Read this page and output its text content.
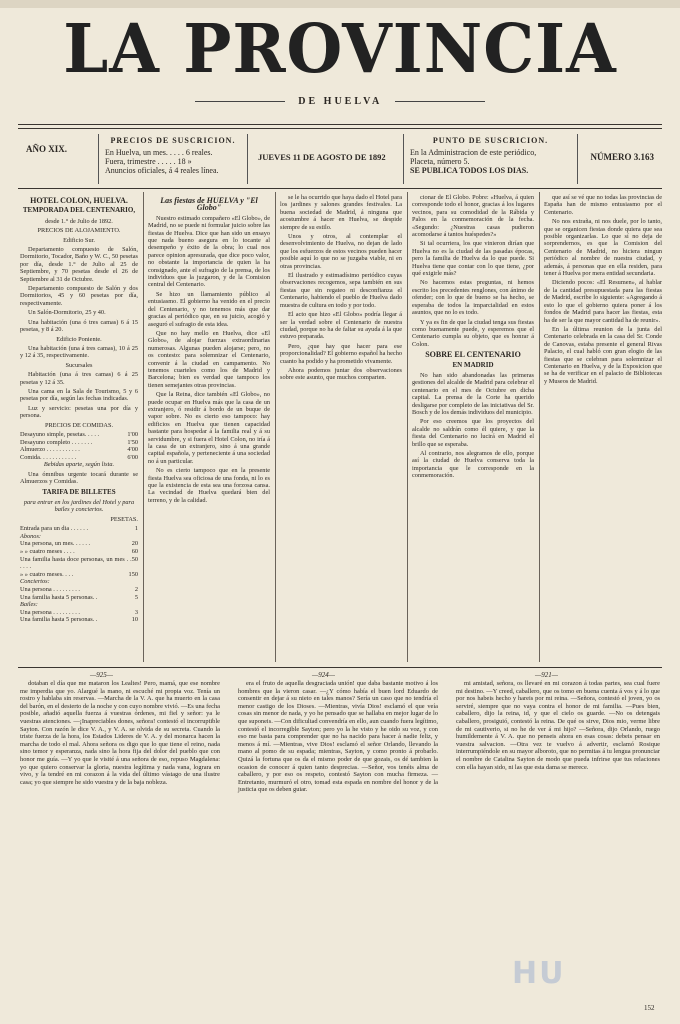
LA PROVINCIA
DE HUELVA
AÑO XIX.
PRECIOS DE SUSCRICION.
En Huelva, un mes. . . . . 6 reales.
Fuera, trimestre . . . . . 18 »
Anuncios oficiales, á 4 reales línea.
JUEVES 11 DE AGOSTO DE 1892
PUNTO DE SUSCRICION.
En la Administracion de este periódico,
Placeta, número 5.
SE PUBLICA TODOS LOS DIAS.
NÚMERO 3.163
HOTEL COLON, HUELVA.
TEMPORADA DEL CENTENARIO,

desde 1.° de Julio de 1892.

PRECIOS DE ALOJAMIENTO.

Edificio Sur.

Departamento compuesto de Salón, Dormitorio, Tocador, Baño y W. C., 50 pesetas por día, desde 1.° de Julio al 25 de Septiembre, y 70 pesetas desde el 26 de Septiembre al 31 de Octubre.

Departamento compuesto de Salón y dos Dormitorios, 45 y 60 pesetas por día, respectivamente.

Un Salón-Dormitorio, 25 y 40.

Una habitación (una ó tres camas) 6 á 15 pesetas, y 8 á 20.

Edificio Poniente.

Una habitación (una á tres camas), 10 á 25 y 12 á 35, respectivamente.

Sucursales

Habitación (una á tres camas) 6 á 25 pesetas y 12 á 35.

Una cama en la Sala de Tourismo, 5 y 6 pesetas por día, según las fechas indicadas.

Luz y servicio: pesetas una por día y persona.

PRECIOS DE COMIDAS.

Desayuno simple, pesetas. . . . .	1'00
Desayuno completo . . . . . . .	1'50
Almuerzo . . . . . . . . . . .	4'00
Comida. . . . . . . . . . . .	6'00

Bebidas aparte, según lista.

Una ómnibus urgente tocará durante se Almuerzos y Comidas.

TARIFA DE BILLETES

para entrar en los jardines del Hotel y para bailes y conciertos.

PESETAS.

Entrada para un dia . . . . . .	1
Abonos:
Una persona, un mes. . . . . .	20
» » cuatro meses . . . .	60
Una familia hasta doce personas, un mes . . . . . .
50
» » cuatro meses. . . .	150
Conciertos:
Una persona . . . . . . . . .	2
Una familia hasta 5 personas. .	5
Bailes:
Una persona . . . . . . . . .	3
Una familia hasta 5 personas. .	10
Las fiestas de HUELVA y "El Globo"

Nuestro estimado compañero «El Globo», de Madrid, no se puede ni formular juicio sobre las fiestas de Huelva. Dice que han sido un ensayo que nada bueno asegura en lo tocante al desempeño y éxito de la obra; lo cual nos parece opinion apresurada, que dice poco valor, no obstante la importancia de quien la ha consignado, ante el sufragio de la prensa, de los individuos que la juzgaron, y de la Comision central del Centenario.

Se hizo un llamamiento público al entusiasmo. El gobierno ha venido en el precio del Centenario, y no tenemos más que dar gracias al periódico que, en su juicio, acogió y aseguró el sufragio de esta idea.

Que no hay mello en Huelva, dice «El Globo», de alojar fuerzas extraordinarias numerosas. Algunas pueden alojarse; pero, no os contesto: para solemnizar el Centenario, convenir á la ciudad en campamento. No tenemos cuarteles como los de Madrid y Barcelona; bien es verdad que tampoco los tienen semejantes otras provincias.

Que la Reina, dice también «El Globo», no puede ocupar en Huelva más que la casa de un extranjero, ó residir á bordo de un buque de vapor sobre. No es cierto eso tampoco: hay edificios en Huelva que tienen capacidad bastante para hospedar á la familia real y á su servidumbre, y si fuera el Hotel Colon, no iría á la casa de un extranjero, sino á una grande capital española, y perteneciente á una sociedad no á un particular.

No es cierto tampoco que en la presente fiesta Huelva sea oficiosa de una fonda, ni lo es que la existencia de esta sea una forzosa cansa. La vecindad de Huelva quedará bien del terreno, y de la calidad.

se le ha ocurrido que haya dado el Hotel para los jardines y salones grandes festivales. La buena sociedad de Madrid, á ninguna que acostumbre á hacer en Huelva, se despide siempre de su estilo.

Unos y otros, al contemplar el desenvolvimiento de Huelva, no dejan de lado que los esfuerzos de estos vecinos pueden hacer posible aquí lo que no se juzgaba viable, ni en otras provincias.

El ilustrado y estimadísimo periódico cuyas observaciones recogemos, sepa también en sus fiestas que sin regateo ni desconfianza el Centenario, habiendo el pueblo de Huelva dado muestra de cultura en todo y por todo.

El acto que hizo «El Globo» podría llegar á ser la verdad sobre el Centenario de nuestra ciudad, porque no ha de faltar su ayuda á la que estuvo preparada.

Pero, ¿que hay que hacer para ese proporcionalidad? El gobierno español ha hecho cuanto ha podido y ha prometido vivamente.

Ahora podemos juntar dos observaciones sobre este asunto, que muchos comparten.

cionar de El Globo. Pobre: «Huelva, á quien corresponde todo el honor, gracias á los lugares vecinos, para su comodidad de la Rábida y Palos en la conmemoración de la fecha. «Segundo: ¿Nuestras casas pudieron acomodarse á tantos huéspedes?»

Si tal ocurriera, los que vinieron dirían que Huelva no es la ciudad de las pasadas épocas, pero la familia de Huelva da lo que puede. Si Huelva tiene que contar con lo que tiene, ¿por qué exigirle más?

No hacemos estas preguntas, ni hemos escrito los precedentes renglones, con ánimo de ofender; con lo que de bueno se ha hecho, se esperaba de todos la imparcialidad en estos asuntos, que no lo es todo.

Y ya es fin de que la ciudad tenga sus fiestas como buenamente puede, y esperemos que el Centenario cumpla su objeto, que es honrar á Colon.

SOBRE EL CENTENARIO
EN MADRID

No han sido abandonadas las primeras gestiones del alcalde de Madrid para celebrar el centenario en el mes de Octubre en dicha capital. La prensa de la Corte ha querido desligarse por completo de las iniciativas del Sr. Bosch y de los demás individuos del municipio.

Por eso creemos que los proyectos del alcalde no saldrán como él quiere, y que la fiesta del Centenario no lucirá en Madrid el brillo que se esperaba.

Al contrario, nos alegramos de ello, porque así la ciudad de Huelva conserva toda la importancia que le corresponde en la conmemoración.

que así se vé que no todas las provincias de España han de mismo entusiasmo por el Centenario.

No nos extraña, ni nos duele, por lo tanto, que se organicen fiestas donde quiera que sea posible organizarlas. Lo que sí no deja de sorprendernos, es que la Comision del Centenario de Madrid, no hiciera ningun periódico al nombre de nuestra ciudad, y además, á personas que en ella residen, para tener á Huelva por mera entidad secundaria.

Diciendo pocos: «El Resumen», al hablar de la cantidad presupuestada para las fiestas de Madrid, escribe lo siguiente: «Agregando á esto lo que el gobierno quiera poner á los fondos de Madrid para hacer las fiestas, esta ha de ser la que mayor cantidad ha de reunir».

En la última reunion de la junta del Centenario celebrada en la casa del Sr. Conde de Canovas, estaba presente el general Rivas Palacio, el cual habló con gran elogio de las fiestas que se celebran para solemnizar el Centenario en Huelva, y de la Exposicion que se ha de verificar en el palacio de Bibliotecas y Museos de Madrid.

—925—	—924—	—921—

dotaban el día que me mataron los Lealtes! Pero, mamá, que ese nombre me imperdia que yo. Alargué la mano, ni escuché mi propia voz. Tenía un rostro y hablaba sin reservas. —Marcha de la V. A. que ha muerto en la casa del barón, en el desierto de la noche y con cuyo nombre vivió. —Es una fecha posible, añadió aquella fuerza á vuestras órdenes, mi fiel y señor: ya le vuestras atenciones. —¡Inapreciables dones, señora! contestó el incorruptible Sayton. Con razón le dice V. A., y V. A. se olvida de su secreta. Cuando la triste fuerza de la hora, los Estados Lideres de V. A. y del monarca hacen la marcha de todo el mal. Ahora señora os digo que lo que tiene el reino, nada sino temor y esperanza, nada sino la hora fija del dolor del pueblo que con honor me guía. —Y yo que le visité á una señora de eso, repuso Magdalena: yo que quiero conservar la gloria, nuestra legítima y nada vana, lograra en vivo, y la tendré en mi corazon á la vida del último vástago de una ilustre casa; yo que siempre he sido vuestra y de la baja nobleza.

era el fruto de aquella desgraciada unión! que daba bastante motivo á los hombres que la vieron casar. —¿Y cómo había el buen lord Eduardo de consentir en dejar á su nieto en tales manos? Sería un caso que no tendría el menor castigo de los Dioses. —Mientras, vivía Dios! esclamó el que veía cosas sin menor de nada, y yo he pensado que se hallaba en mejor lugar de lo que suponeis. —Con dificultad convendría en ello, aun cuando fuera legítimo, contestó el incorregible Sayton; pero yo la he visto y he oido su voz, y con eso me basta para comprender que no ha nacido para hacer á nadie feliz, y menos á mí. —Mientras, vive Dios! esclamó el señor Orlando, llevando la mano al pomo de su espada; mientras, Sayton, y como pronto á probarlo. Quizá la fortuna que os da el mismo poder de que gozais, os dé tambien la ocasion de conocer á quien tanto desprecias. —Señor, vos tenéis alma de caballero, y por eso os respeto, contestó Sayton con mucha firmeza. —Entretanto, murmuró el otro, tomad esta espada en nombre del honor y de la justicia que os deben guiar.

mi amistad, señora, os llevaré en mi corazon á todas partes, sea cual fuere mi destino. —Y creed, caballero, que os tomo en buena cuenta á vos y á lo que por nos habeis hecho y hareis por mi reina. —Señora, contestó el joven, yo os serviré, siempre que no vaya contra el honor de mi familia. —Pues bien, caballero, dijo la reina, id, y que el cielo os guarde. —No os detengais caballero, prosiguió, contestó la reina. De qué os sirve, Dios mio, verme libre de mi cautiverio, si no he de ver á mi hijo? —Señora, dijo Orlando, ruego humildemente á V. A. que no penseis ahora en esas cosas: debeis pensar en vuestra salvacion. —Otra vez te vuelvo á advertir, esclamó Rosique interrumpiéndole en su mayor alboroto, que no permitas á tu lengua pronunciar el nombre de Catalina Sayton de modo que pueda infrirse que tus relaciones con ella hayan sido, ni las que esta dama se merece.

HU
152
